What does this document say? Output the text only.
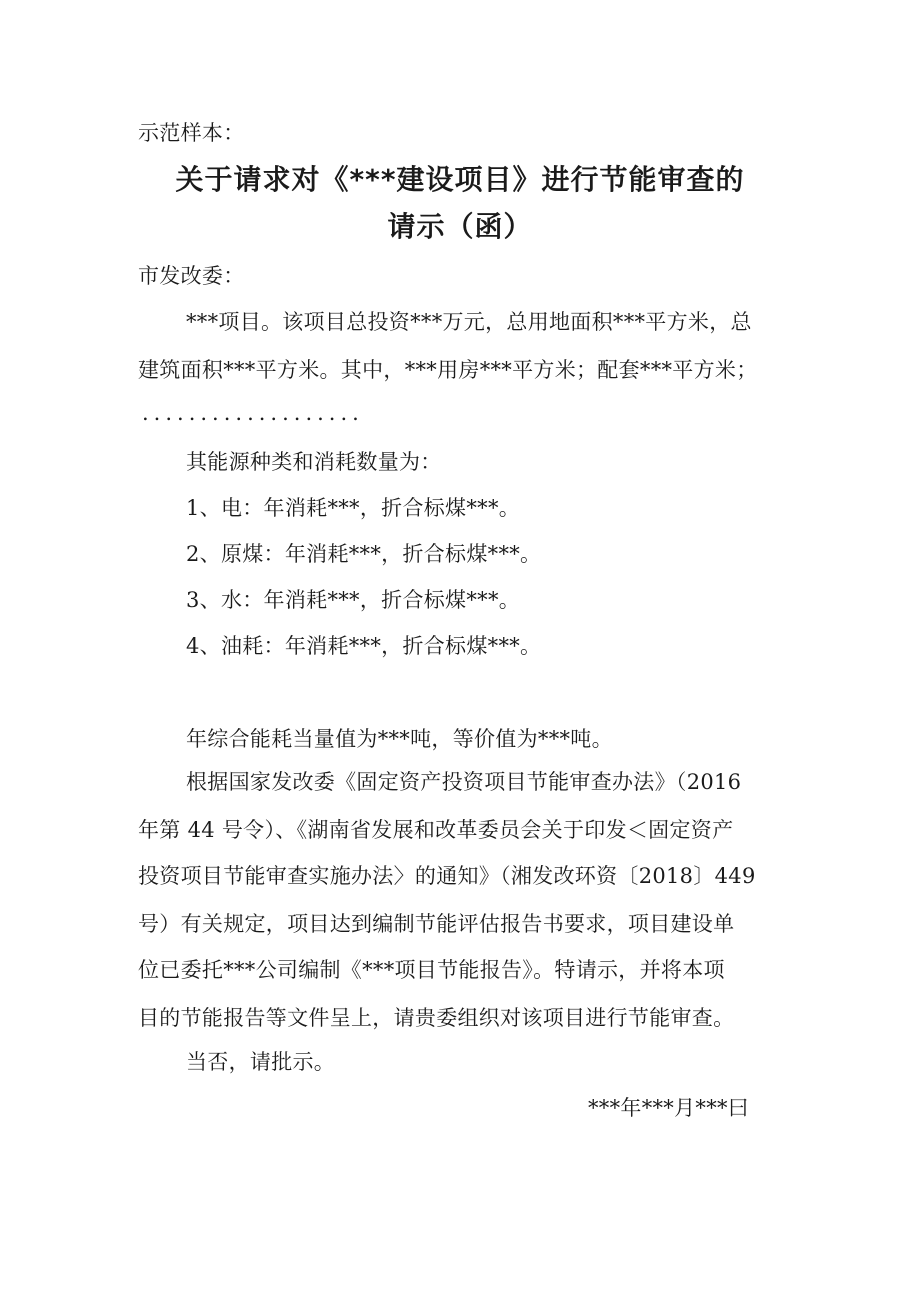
示范样本：
关于请求对《***建设项目》进行节能审查的
请示（函）
市发改委：
***项目。该项目总投资***万元，总用地面积***平方米，总
建筑面积***平方米。其中，***用房***平方米；配套***平方米；
...................
其能源种类和消耗数量为：
1、电：年消耗***，折合标煤***。
2、原煤：年消耗***，折合标煤***。
3、水：年消耗***，折合标煤***。
4、油耗：年消耗***，折合标煤***。
年综合能耗当量值为***吨，等价值为***吨。
根据国家发改委《固定资产投资项目节能审查办法》（2016
年第 44 号令）、《湖南省发展和改革委员会关于印发＜固定资产
投资项目节能审查实施办法〉的通知》（湘发改环资〔2018〕449
号）有关规定，项目达到编制节能评估报告书要求，项目建设单
位已委托***公司编制《***项目节能报告》。特请示，并将本项
目的节能报告等文件呈上，请贵委组织对该项目进行节能审查。
当否，请批示。
***年***月***曰
